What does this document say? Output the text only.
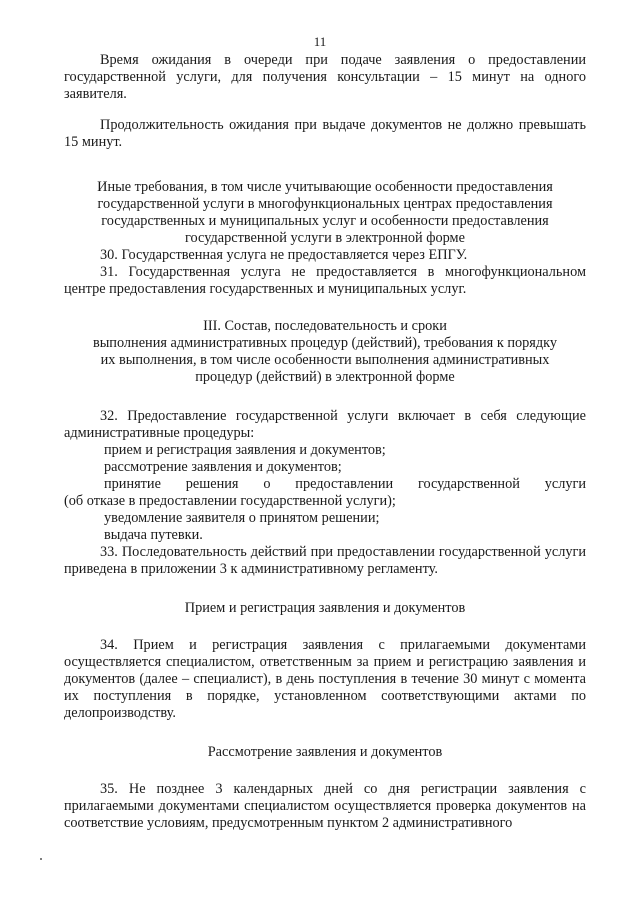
11

Время ожидания в очереди при подаче заявления о предоставлении государственной услуги, для получения консультации – 15 минут на одного заявителя.

Продолжительность ожидания при выдаче документов не должно превышать 15 минут.

Иные требования, в том числе учитывающие особенности предоставления
государственной услуги в многофункциональных центрах предоставления
государственных и муниципальных услуг и особенности предоставления
государственной услуги в электронной форме

30. Государственная услуга не предоставляется через ЕПГУ.

31. Государственная услуга не предоставляется в многофункциональном центре предоставления государственных и муниципальных услуг.

III. Состав, последовательность и сроки
выполнения административных процедур (действий), требования к порядку
их выполнения, в том числе особенности выполнения административных
процедур (действий) в электронной форме

32. Предоставление государственной услуги включает в себя следующие административные процедуры:

прием и регистрация заявления и документов;
рассмотрение заявления и документов;
принятие решения о предоставлении государственной услуги
(об отказе в предоставлении государственной услуги);
уведомление заявителя о принятом решении;
выдача путевки.

33. Последовательность действий при предоставлении государственной услуги приведена в приложении 3 к административному регламенту.

Прием и регистрация заявления и документов

34. Прием и регистрация заявления с прилагаемыми документами осуществляется специалистом, ответственным за прием и регистрацию заявления и документов (далее – специалист), в день поступления в течение 30 минут с момента их поступления в порядке, установленном соответствующими актами по делопроизводству.

Рассмотрение заявления и документов

35. Не позднее 3 календарных дней со дня регистрации заявления с прилагаемыми документами специалистом осуществляется проверка документов на соответствие условиям, предусмотренным пунктом 2 административного
